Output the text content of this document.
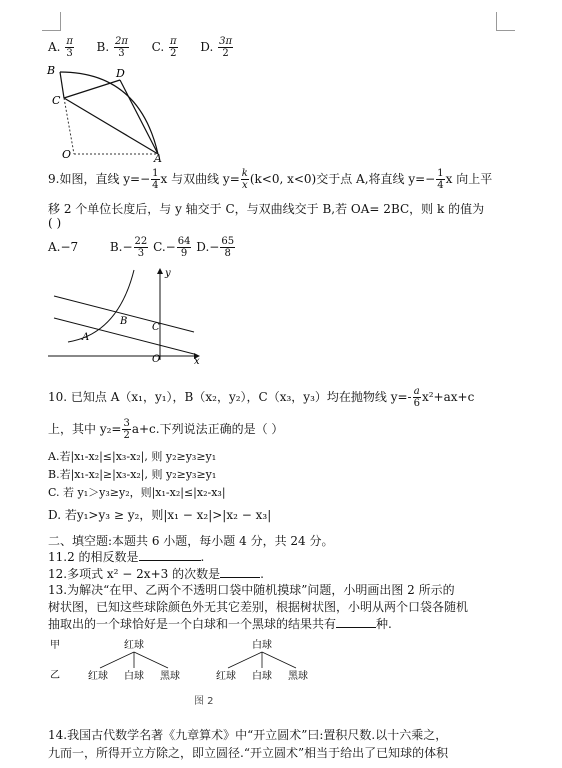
A. $\frac{\pi}{3} B$. $\frac{2\pi}{3} C$. $\frac{\pi}{2} D$. $\frac{3\pi}{2}$
B	D
C
O	A
9.如图，直线 $y=- \frac{1}{4}$ x 与双曲线 $y= \frac{k}{x} (k<0$, x<0)交于点 A,将直线 $y=- \frac{1}{4}$ x 向上平
移 2 个单位长度后，与 y 轴交于 C，与双曲线交于 B,若 OA= 2BC，则 k 的值为
( )
A.−7	$B.- \frac{22}{3} C.- \frac{64}{9} D.- \frac{65}{8}$
y
B
C
A
O	x
10. 已知点 A（x₁，y₁），B（x₂，y₂），C（x₃，y₃）均在抛物线 $y=- \frac{a}{6} x^2+ax+c$
上，其中 $y_2= \frac{3}{2} a+c$.下列说法正确的是（ ）
A.若|x₁-x₂|≤|x₃-x₂|, 则 y₂≥y₃≥y₁
B.若|x₁-x₂|≥|x₃-x₂|, 则 y₂≥y₃≥y₁
C. 若 y₁＞y₃≥y₂，则|x₁-x₂|≤|x₂-x₃|
D. 若y₁>y₃ ≥ y₂，则|x₁ − x₂|>|x₂ − x₃|
二、填空题:本题共 6 小题，每小题 4 分，共 24 分。
11.2 的相反数是	.
12.多项式 x² − 2x+3 的次数是	.
13.为解决“在甲、乙两个不透明口袋中随机摸球”问题，小明画出图 2 所示的
树状图，已知这些球除颜色外无其它差别，根据树状图，小明从两个口袋各随机
抽取出的一个球恰好是一个白球和一个黑球的结果共有	种.
甲
乙
红球	白球
红球 白球 黑球	红球 白球 黑球
图 2
14.我国古代数学名著《九章算术》中“开立圆术”曰:置积尺数.以十六乘之，
九而一，所得开立方除之，即立圆径.“开立圆术”相当于给出了已知球的体积
